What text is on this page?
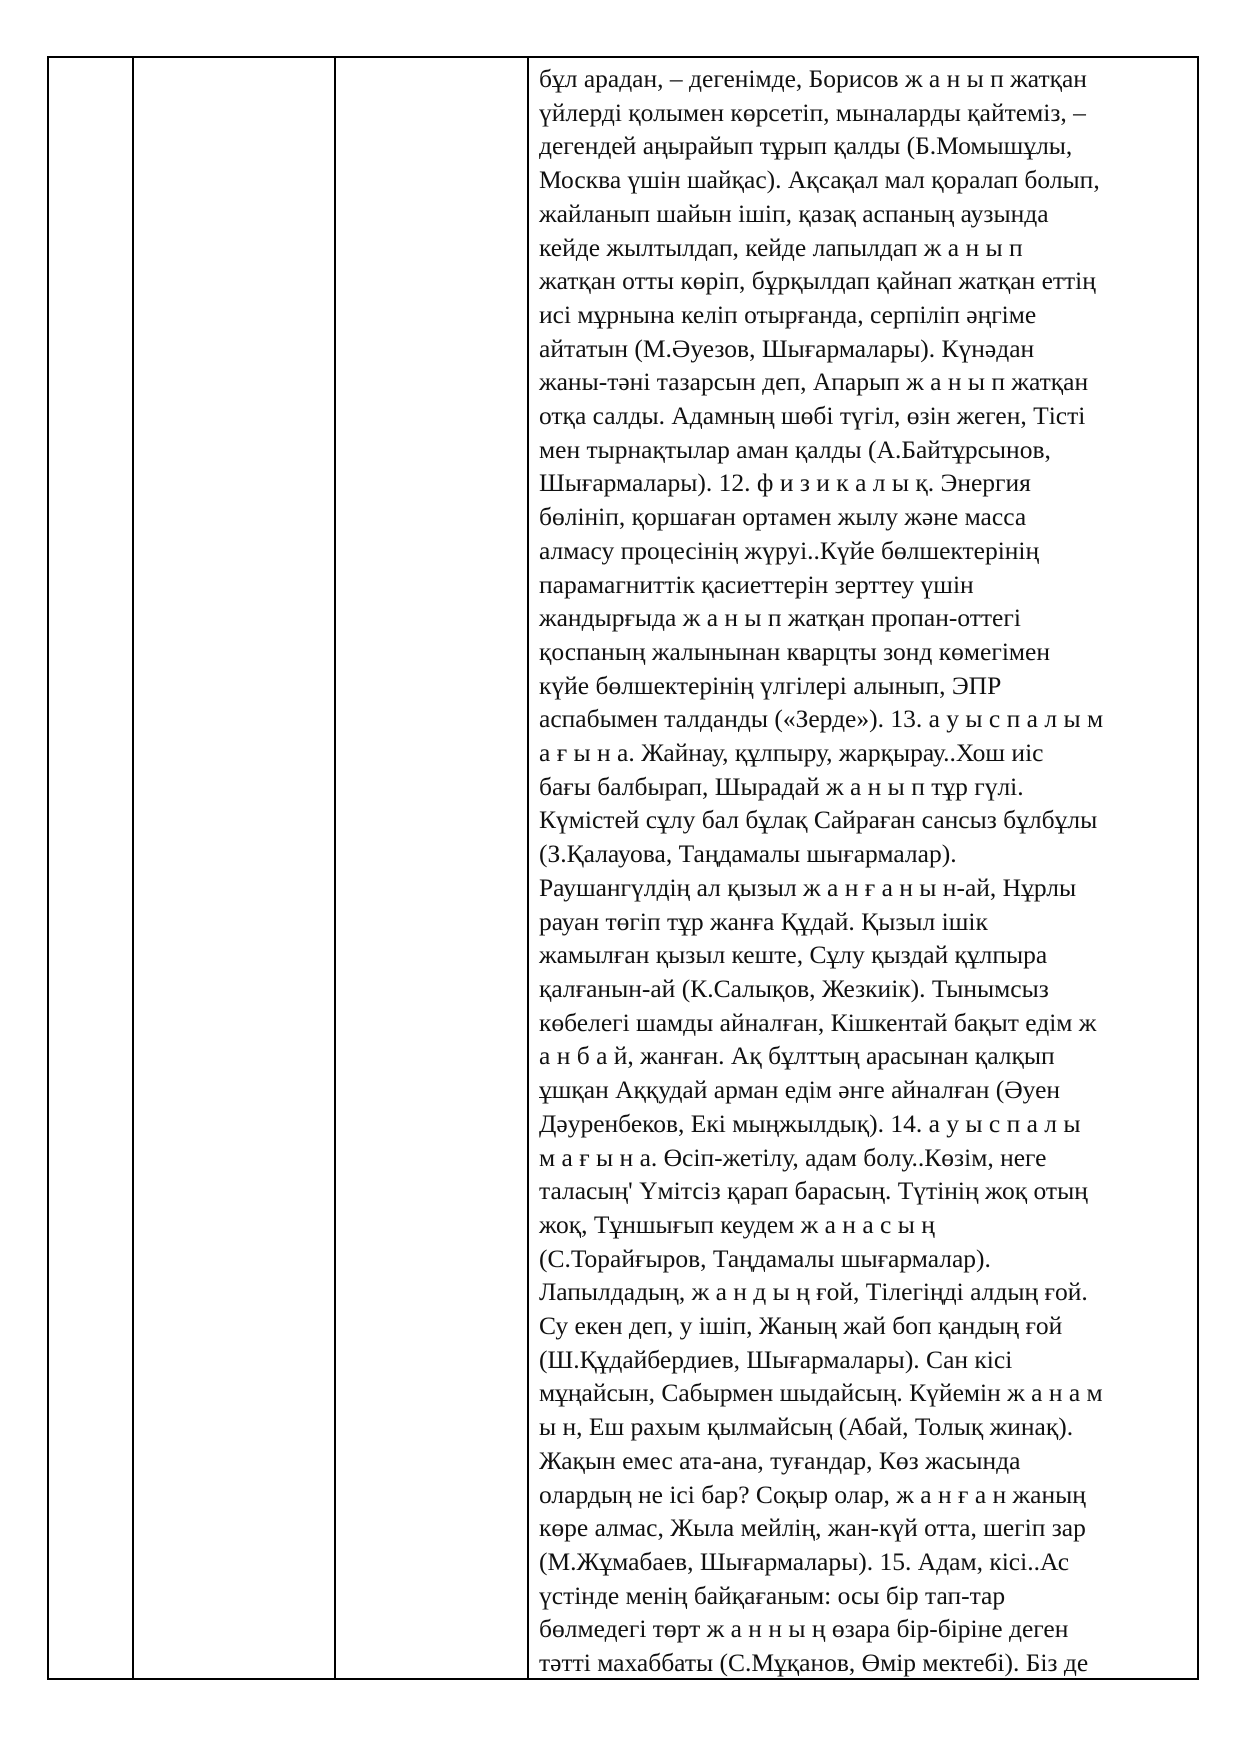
бұл арадан, – дегенімде, Борисов ж а н ы п жатқан
үйлерді қолымен көрсетіп, мыналарды қайтеміз, –
дегендей аңырайып тұрып қалды (Б.Момышұлы,
Москва үшін шайқас). Ақсақал мал қоралап болып,
жайланып шайын ішіп, қазақ аспаның аузында
кейде жылтылдап, кейде лапылдап ж а н ы п
жатқан отты көріп, бұрқылдап қайнап жатқан еттің
исі мұрнына келіп отырғанда, серпіліп әңгіме
айтатын (М.Әуезов, Шығармалары). Күнәдан
жаны-тәні тазарсын деп, Апарып ж а н ы п жатқан
отқа салды. Адамның шөбі түгіл, өзін жеген, Тісті
мен тырнақтылар аман қалды (А.Байтұрсынов,
Шығармалары). 12. ф и з и к а л ы қ. Энергия
бөлініп, қоршаған ортамен жылу және масса
алмасу процесінің жүруі..Күйе бөлшектерінің
парамагниттік қасиеттерін зерттеу үшін
жандырғыда ж а н ы п жатқан пропан-оттегі
қоспаның жалынынан кварцты зонд көмегімен
күйе бөлшектерінің үлгілері алынып, ЭПР
аспабымен талданды («Зерде»). 13. а у ы с п а л ы м
а ғ ы н а. Жайнау, құлпыру, жарқырау..Хош иіс
бағы балбырап, Шырадай ж а н ы п тұр гүлі.
Күмістей сұлу бал бұлақ Сайраған сансыз бұлбұлы
(З.Қалауова, Таңдамалы шығармалар).
Раушангүлдің ал қызыл ж а н ғ а н ы н-ай, Нұрлы
рауан төгіп тұр жанға Құдай. Қызыл ішік
жамылған қызыл кеште, Сұлу қыздай құлпыра
қалғанын-ай (К.Салықов, Жезкиік). Тынымсыз
көбелегі шамды айналған, Кішкентай бақыт едім ж
а н б а й, жанған. Ақ бұлттың арасынан қалқып
ұшқан Аққудай арман едім әнге айналған (Әуен
Дәуренбеков, Екі мыңжылдық). 14. а у ы с п а л ы
м а ғ ы н а. Өсіп-жетілу, адам болу..Көзім, неге
таласың' Үмітсіз қарап барасың. Түтінің жоқ отың
жоқ, Тұншығып кеудем ж а н а с ы ң
(С.Торайғыров, Таңдамалы шығармалар).
Лапылдадың, ж а н д ы ң ғой, Тілегіңді алдың ғой.
Су екен деп, у ішіп, Жаның жай боп қандың ғой
(Ш.Құдайбердиев, Шығармалары). Сан кісі
мұңайсын, Сабырмен шыдайсың. Күйемін ж а н а м
ы н, Еш рахым қылмайсың (Абай, Толық жинақ).
Жақын емес ата-ана, туғандар, Көз жасында
олардың не ісі бар? Соқыр олар, ж а н ғ а н жаның
көре алмас, Жыла мейлің, жан-күй отта, шегіп зар
(М.Жұмабаев, Шығармалары). 15. Адам, кісі..Ас
үстінде менің байқағаным: осы бір тап-тар
бөлмедегі төрт ж а н н ы ң өзара бір-біріне деген
тәтті махаббаты (С.Мұқанов, Өмір мектебі). Біз де
